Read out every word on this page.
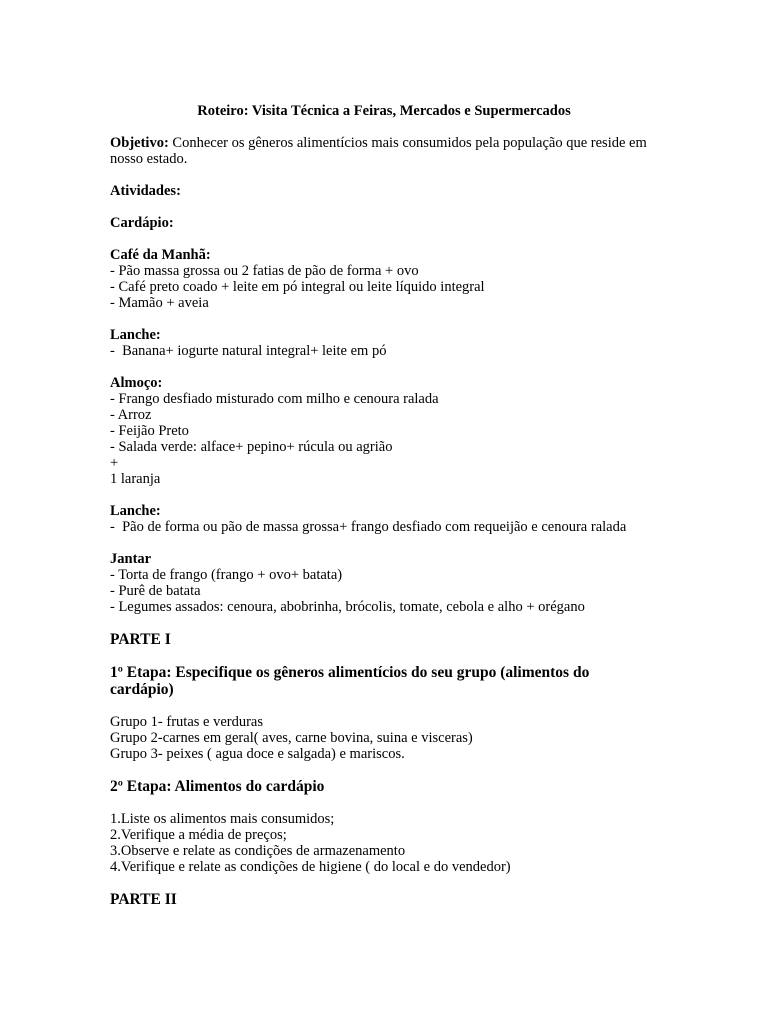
Roteiro: Visita Técnica a Feiras, Mercados e Supermercados

Objetivo: Conhecer os gêneros alimentícios mais consumidos pela população que reside em nosso estado.

Atividades:

Cardápio:

Café da Manhã:
- Pão massa grossa ou 2 fatias de pão de forma + ovo
- Café preto coado + leite em pó integral ou leite líquido integral
- Mamão + aveia

Lanche:
-  Banana+ iogurte natural integral+ leite em pó

Almoço:
- Frango desfiado misturado com milho e cenoura ralada
- Arroz
- Feijão Preto
- Salada verde: alface+ pepino+ rúcula ou agrião
+
1 laranja

Lanche:
-  Pão de forma ou pão de massa grossa+ frango desfiado com requeijão e cenoura ralada

Jantar
- Torta de frango (frango + ovo+ batata)
- Purê de batata
- Legumes assados: cenoura, abobrinha, brócolis, tomate, cebola e alho + orégano

PARTE I

1º Etapa: Especifique os gêneros alimentícios do seu grupo (alimentos do cardápio)

Grupo 1- frutas e verduras
Grupo 2-carnes em geral( aves, carne bovina, suina e visceras)
Grupo 3- peixes ( agua doce e salgada) e mariscos.

2º Etapa: Alimentos do cardápio

1.Liste os alimentos mais consumidos;
2.Verifique a média de preços;
3.Observe e relate as condições de armazenamento
4.Verifique e relate as condições de higiene ( do local e do vendedor)

PARTE II
